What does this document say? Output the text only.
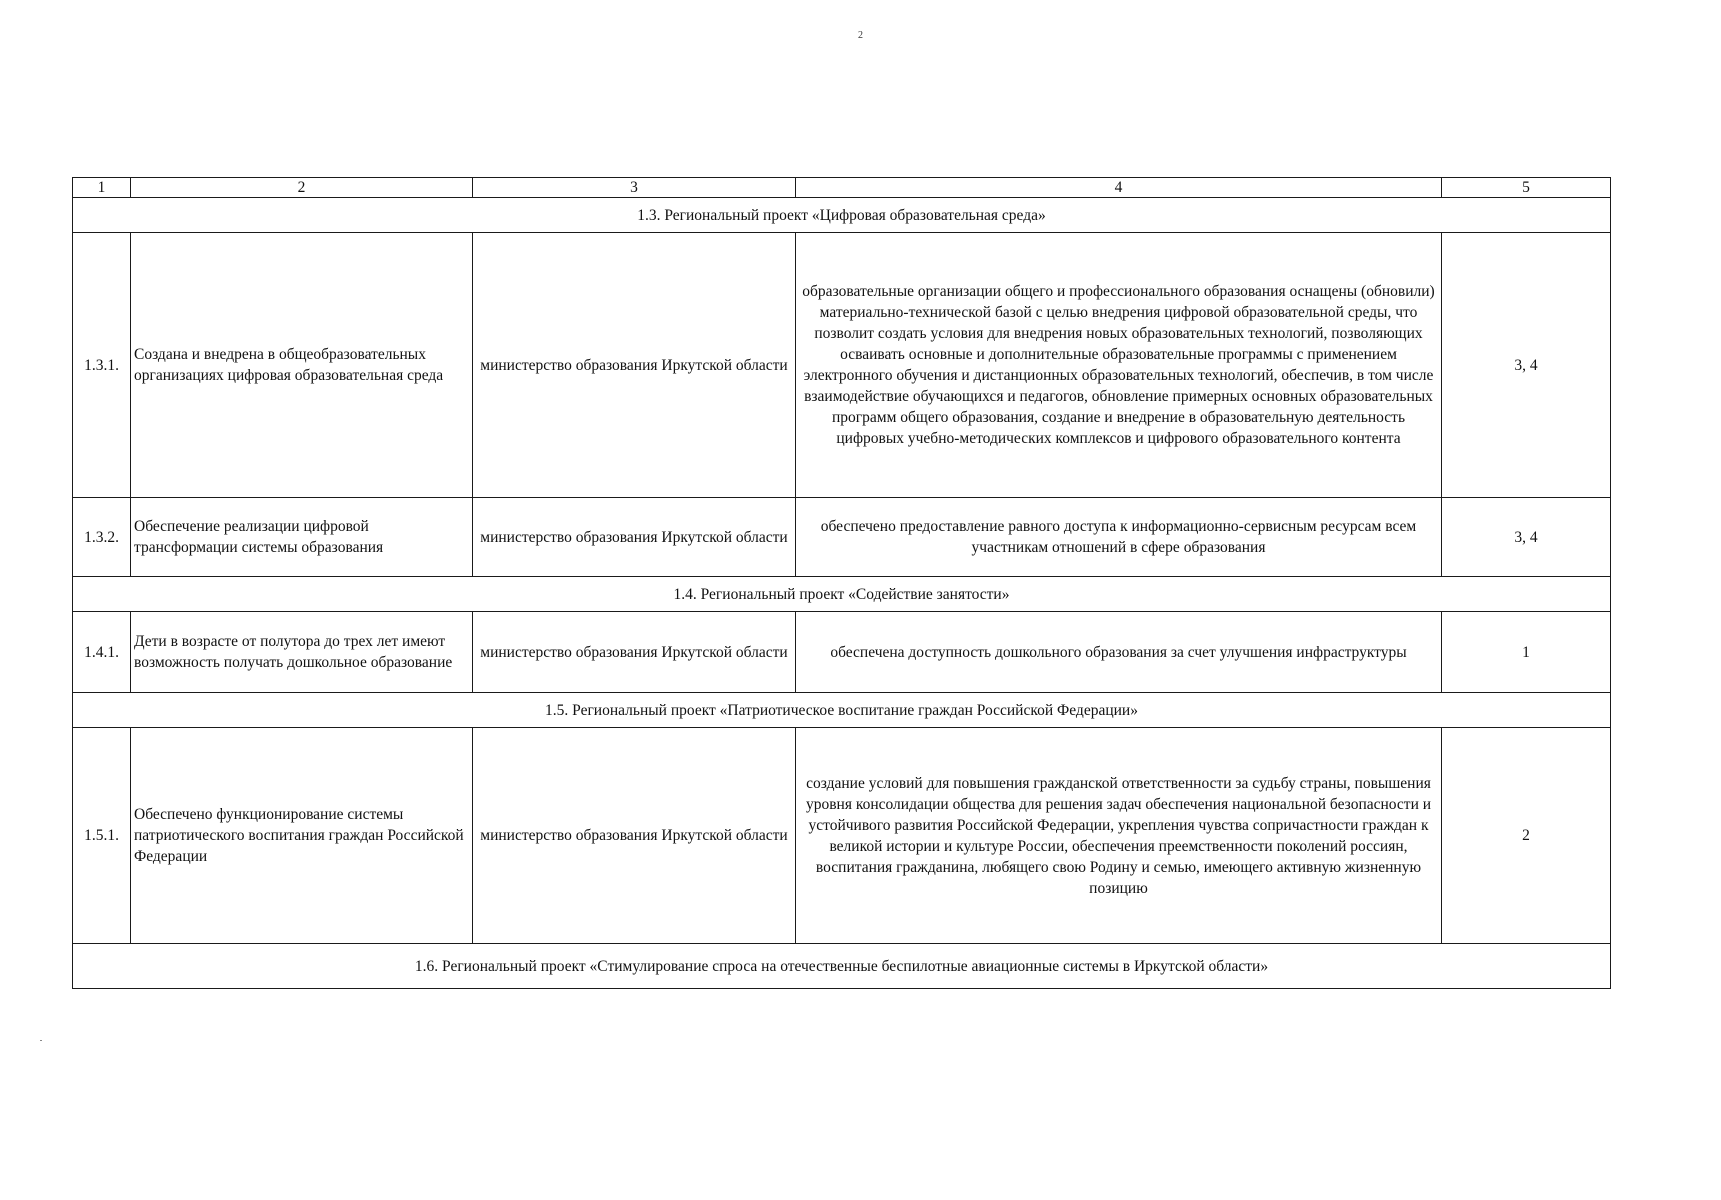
2
1	2	3	4	5
1.3. Региональный проект «Цифровая образовательная среда»				
1.3.1.	Создана и внедрена в общеобразовательных организациях цифровая образовательная среда	министерство образования Иркутской области	образовательные организации общего и профессионального образования оснащены (обновили) материально-технической базой с целью внедрения цифровой образовательной среды, что позволит создать условия для внедрения новых образовательных технологий, позволяющих осваивать основные и дополнительные образовательные программы с применением электронного обучения и дистанционных образовательных технологий, обеспечив, в том числе взаимодействие обучающихся и педагогов, обновление примерных основных образовательных программ общего образования, создание и внедрение в образовательную деятельность цифровых учебно-методических комплексов и цифрового образовательного контента	3, 4
1.3.2.	Обеспечение реализации цифровой трансформации системы образования	министерство образования Иркутской области	обеспечено предоставление равного доступа к информационно-сервисным ресурсам всем участникам отношений в сфере образования	3, 4
1.4. Региональный проект «Содействие занятости»				
1.4.1.	Дети в возрасте от полутора до трех лет имеют возможность получать дошкольное образование	министерство образования Иркутской области	обеспечена доступность дошкольного образования за счет улучшения инфраструктуры	1
1.5. Региональный проект «Патриотическое воспитание граждан Российской Федерации»				
1.5.1.	Обеспечено функционирование системы патриотического воспитания граждан Российской Федерации	министерство образования Иркутской области	создание условий для повышения гражданской ответственности за судьбу страны, повышения уровня консолидации общества для решения задач обеспечения национальной безопасности и устойчивого развития Российской Федерации, укрепления чувства сопричастности граждан к великой истории и культуре России, обеспечения преемственности поколений россиян, воспитания гражданина, любящего свою Родину и семью, имеющего активную жизненную позицию	2
1.6. Региональный проект «Стимулирование спроса на отечественные беспилотные авиационные системы в Иркутской области»				
